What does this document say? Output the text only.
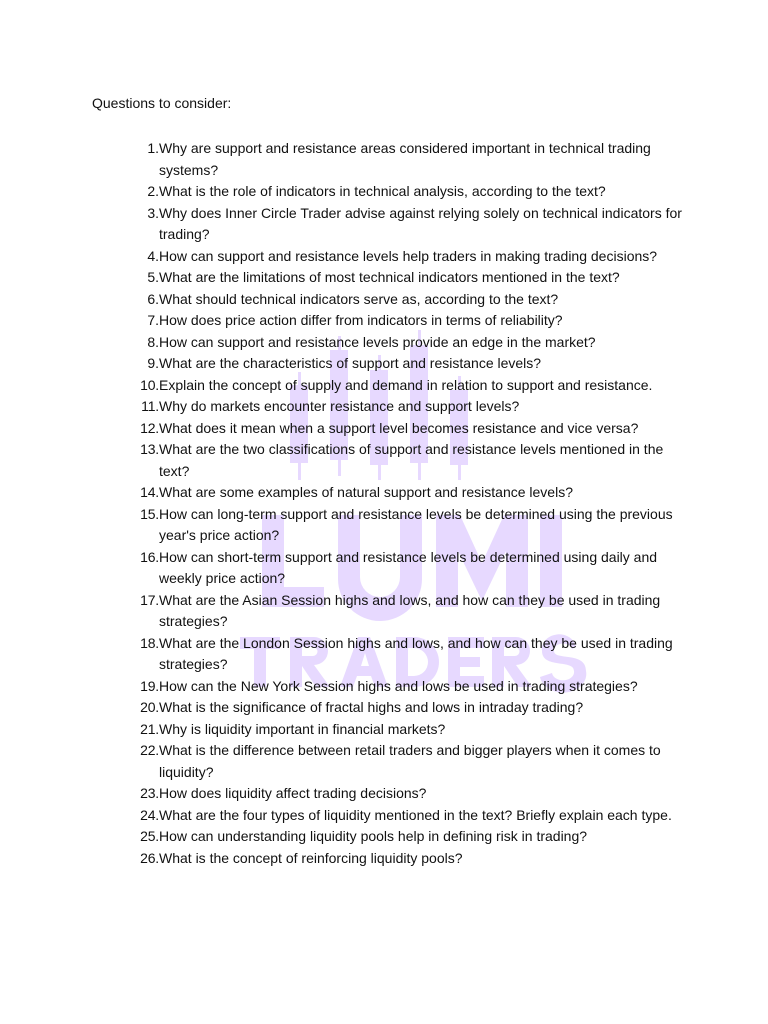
Questions to consider:
1. Why are support and resistance areas considered important in technical trading systems?
2. What is the role of indicators in technical analysis, according to the text?
3. Why does Inner Circle Trader advise against relying solely on technical indicators for trading?
4. How can support and resistance levels help traders in making trading decisions?
5. What are the limitations of most technical indicators mentioned in the text?
6. What should technical indicators serve as, according to the text?
7. How does price action differ from indicators in terms of reliability?
8. How can support and resistance levels provide an edge in the market?
9. What are the characteristics of support and resistance levels?
10. Explain the concept of supply and demand in relation to support and resistance.
11. Why do markets encounter resistance and support levels?
12. What does it mean when a support level becomes resistance and vice versa?
13. What are the two classifications of support and resistance levels mentioned in the text?
14. What are some examples of natural support and resistance levels?
15. How can long-term support and resistance levels be determined using the previous year's price action?
16. How can short-term support and resistance levels be determined using daily and weekly price action?
17. What are the Asian Session highs and lows, and how can they be used in trading strategies?
18. What are the London Session highs and lows, and how can they be used in trading strategies?
19. How can the New York Session highs and lows be used in trading strategies?
20. What is the significance of fractal highs and lows in intraday trading?
21. Why is liquidity important in financial markets?
22. What is the difference between retail traders and bigger players when it comes to liquidity?
23. How does liquidity affect trading decisions?
24. What are the four types of liquidity mentioned in the text? Briefly explain each type.
25. How can understanding liquidity pools help in defining risk in trading?
26. What is the concept of reinforcing liquidity pools?
